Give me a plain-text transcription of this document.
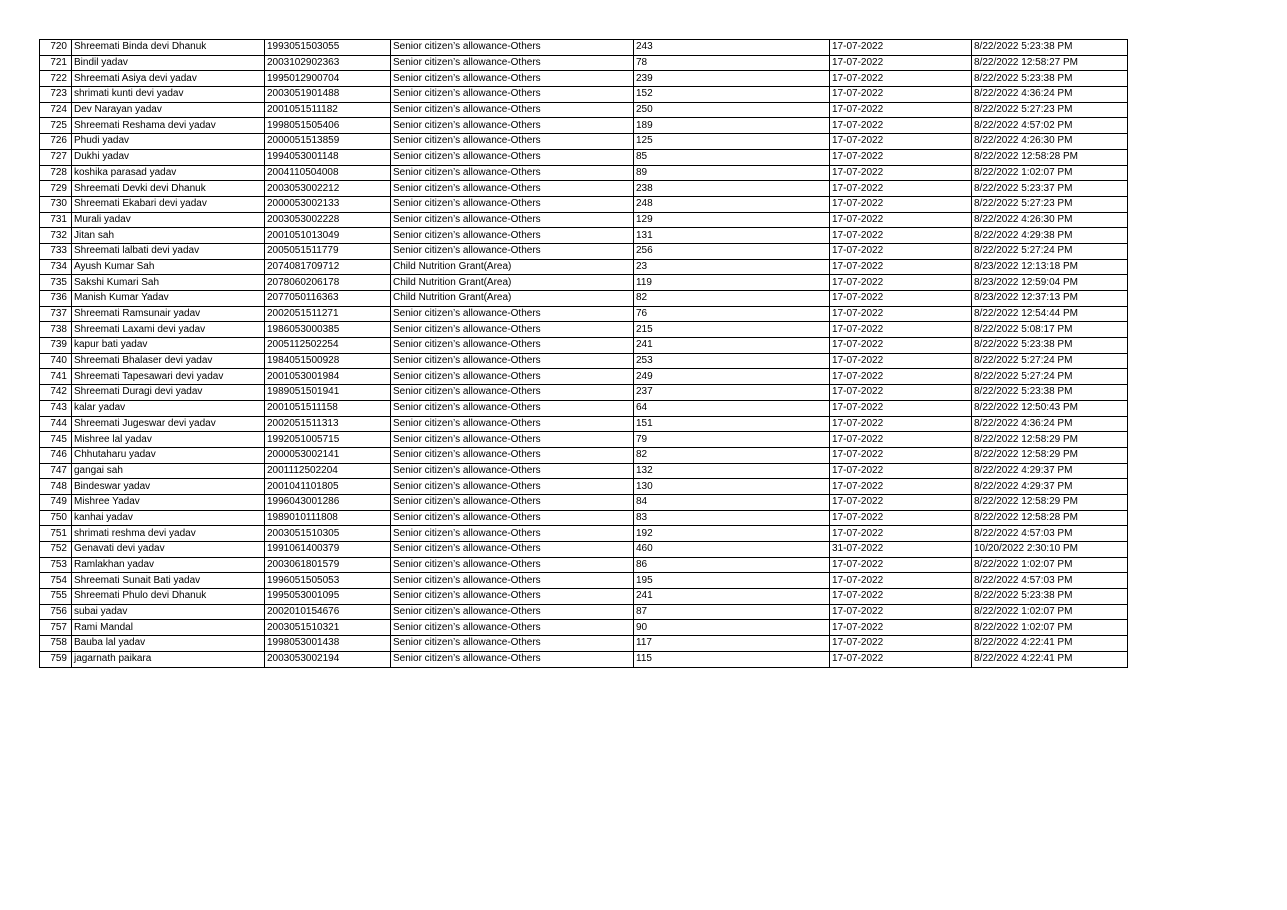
720	Shreemati Binda devi Dhanuk	1993051503055	Senior citizen’s allowance-Others	243	17-07-2022	8/22/2022 5:23:38 PM
721	Bindil yadav	2003102902363	Senior citizen’s allowance-Others	78	17-07-2022	8/22/2022 12:58:27 PM
722	Shreemati Asiya devi yadav	1995012900704	Senior citizen’s allowance-Others	239	17-07-2022	8/22/2022 5:23:38 PM
723	shrimati kunti devi yadav	2003051901488	Senior citizen’s allowance-Others	152	17-07-2022	8/22/2022 4:36:24 PM
724	Dev Narayan yadav	2001051511182	Senior citizen’s allowance-Others	250	17-07-2022	8/22/2022 5:27:23 PM
725	Shreemati Reshama devi yadav	1998051505406	Senior citizen’s allowance-Others	189	17-07-2022	8/22/2022 4:57:02 PM
726	Phudi yadav	2000051513859	Senior citizen’s allowance-Others	125	17-07-2022	8/22/2022 4:26:30 PM
727	Dukhi yadav	1994053001148	Senior citizen’s allowance-Others	85	17-07-2022	8/22/2022 12:58:28 PM
728	koshika parasad yadav	2004110504008	Senior citizen’s allowance-Others	89	17-07-2022	8/22/2022 1:02:07 PM
729	Shreemati Devki devi Dhanuk	2003053002212	Senior citizen’s allowance-Others	238	17-07-2022	8/22/2022 5:23:37 PM
730	Shreemati Ekabari devi yadav	2000053002133	Senior citizen’s allowance-Others	248	17-07-2022	8/22/2022 5:27:23 PM
731	Murali yadav	2003053002228	Senior citizen’s allowance-Others	129	17-07-2022	8/22/2022 4:26:30 PM
732	Jitan sah	2001051013049	Senior citizen’s allowance-Others	131	17-07-2022	8/22/2022 4:29:38 PM
733	Shreemati lalbati devi yadav	2005051511779	Senior citizen’s allowance-Others	256	17-07-2022	8/22/2022 5:27:24 PM
734	Ayush Kumar Sah	2074081709712	Child Nutrition Grant(Area)	23	17-07-2022	8/23/2022 12:13:18 PM
735	Sakshi Kumari Sah	2078060206178	Child Nutrition Grant(Area)	119	17-07-2022	8/23/2022 12:59:04 PM
736	Manish Kumar Yadav	2077050116363	Child Nutrition Grant(Area)	82	17-07-2022	8/23/2022 12:37:13 PM
737	Shreemati Ramsunair yadav	2002051511271	Senior citizen’s allowance-Others	76	17-07-2022	8/22/2022 12:54:44 PM
738	Shreemati Laxami devi yadav	1986053000385	Senior citizen’s allowance-Others	215	17-07-2022	8/22/2022 5:08:17 PM
739	kapur bati yadav	2005112502254	Senior citizen’s allowance-Others	241	17-07-2022	8/22/2022 5:23:38 PM
740	Shreemati Bhalaser devi yadav	1984051500928	Senior citizen’s allowance-Others	253	17-07-2022	8/22/2022 5:27:24 PM
741	Shreemati Tapesawari devi yadav	2001053001984	Senior citizen’s allowance-Others	249	17-07-2022	8/22/2022 5:27:24 PM
742	Shreemati Duragi devi yadav	1989051501941	Senior citizen’s allowance-Others	237	17-07-2022	8/22/2022 5:23:38 PM
743	kalar yadav	2001051511158	Senior citizen’s allowance-Others	64	17-07-2022	8/22/2022 12:50:43 PM
744	Shreemati Jugeswar devi yadav	2002051511313	Senior citizen’s allowance-Others	151	17-07-2022	8/22/2022 4:36:24 PM
745	Mishree lal yadav	1992051005715	Senior citizen’s allowance-Others	79	17-07-2022	8/22/2022 12:58:29 PM
746	Chhutaharu yadav	2000053002141	Senior citizen’s allowance-Others	82	17-07-2022	8/22/2022 12:58:29 PM
747	gangai sah	2001112502204	Senior citizen’s allowance-Others	132	17-07-2022	8/22/2022 4:29:37 PM
748	Bindeswar yadav	2001041101805	Senior citizen’s allowance-Others	130	17-07-2022	8/22/2022 4:29:37 PM
749	Mishree Yadav	1996043001286	Senior citizen’s allowance-Others	84	17-07-2022	8/22/2022 12:58:29 PM
750	kanhai yadav	1989010111808	Senior citizen’s allowance-Others	83	17-07-2022	8/22/2022 12:58:28 PM
751	shrimati reshma devi yadav	2003051510305	Senior citizen’s allowance-Others	192	17-07-2022	8/22/2022 4:57:03 PM
752	Genavati devi yadav	1991061400379	Senior citizen’s allowance-Others	460	31-07-2022	10/20/2022 2:30:10 PM
753	Ramlakhan yadav	2003061801579	Senior citizen’s allowance-Others	86	17-07-2022	8/22/2022 1:02:07 PM
754	Shreemati Sunait Bati yadav	1996051505053	Senior citizen’s allowance-Others	195	17-07-2022	8/22/2022 4:57:03 PM
755	Shreemati Phulo devi Dhanuk	1995053001095	Senior citizen’s allowance-Others	241	17-07-2022	8/22/2022 5:23:38 PM
756	subai yadav	2002010154676	Senior citizen’s allowance-Others	87	17-07-2022	8/22/2022 1:02:07 PM
757	Rami Mandal	2003051510321	Senior citizen’s allowance-Others	90	17-07-2022	8/22/2022 1:02:07 PM
758	Bauba lal yadav	1998053001438	Senior citizen’s allowance-Others	117	17-07-2022	8/22/2022 4:22:41 PM
759	jagarnath paikara	2003053002194	Senior citizen’s allowance-Others	115	17-07-2022	8/22/2022 4:22:41 PM
